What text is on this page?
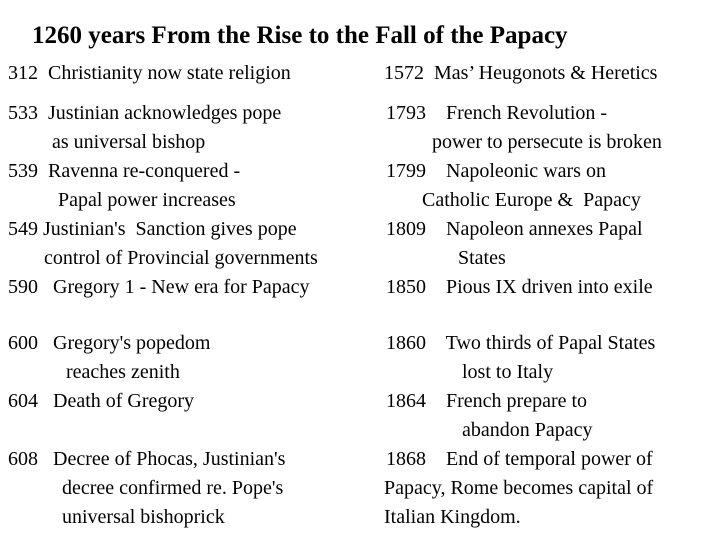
1260 years From the Rise to the Fall of the Papacy
312  Christianity now state religion
533  Justinian acknowledges pope
as universal bishop
539  Ravenna re-conquered -
Papal power increases
549 Justinian's  Sanction gives pope
control of Provincial governments
590   Gregory 1 - New era for Papacy
600   Gregory's popedom
reaches zenith
604   Death of Gregory
608   Decree of Phocas, Justinian's
decree confirmed re. Pope's
universal bishoprick
1572  Mas’ Heugonots & Heretics
1793    French Revolution -
power to persecute is broken
1799    Napoleonic wars on
Catholic Europe &  Papacy
1809    Napoleon annexes Papal
States
1850    Pious IX driven into exile
1860    Two thirds of Papal States
lost to Italy
1864    French prepare to
abandon Papacy
1868    End of temporal power of
Papacy, Rome becomes capital of
Italian Kingdom.
